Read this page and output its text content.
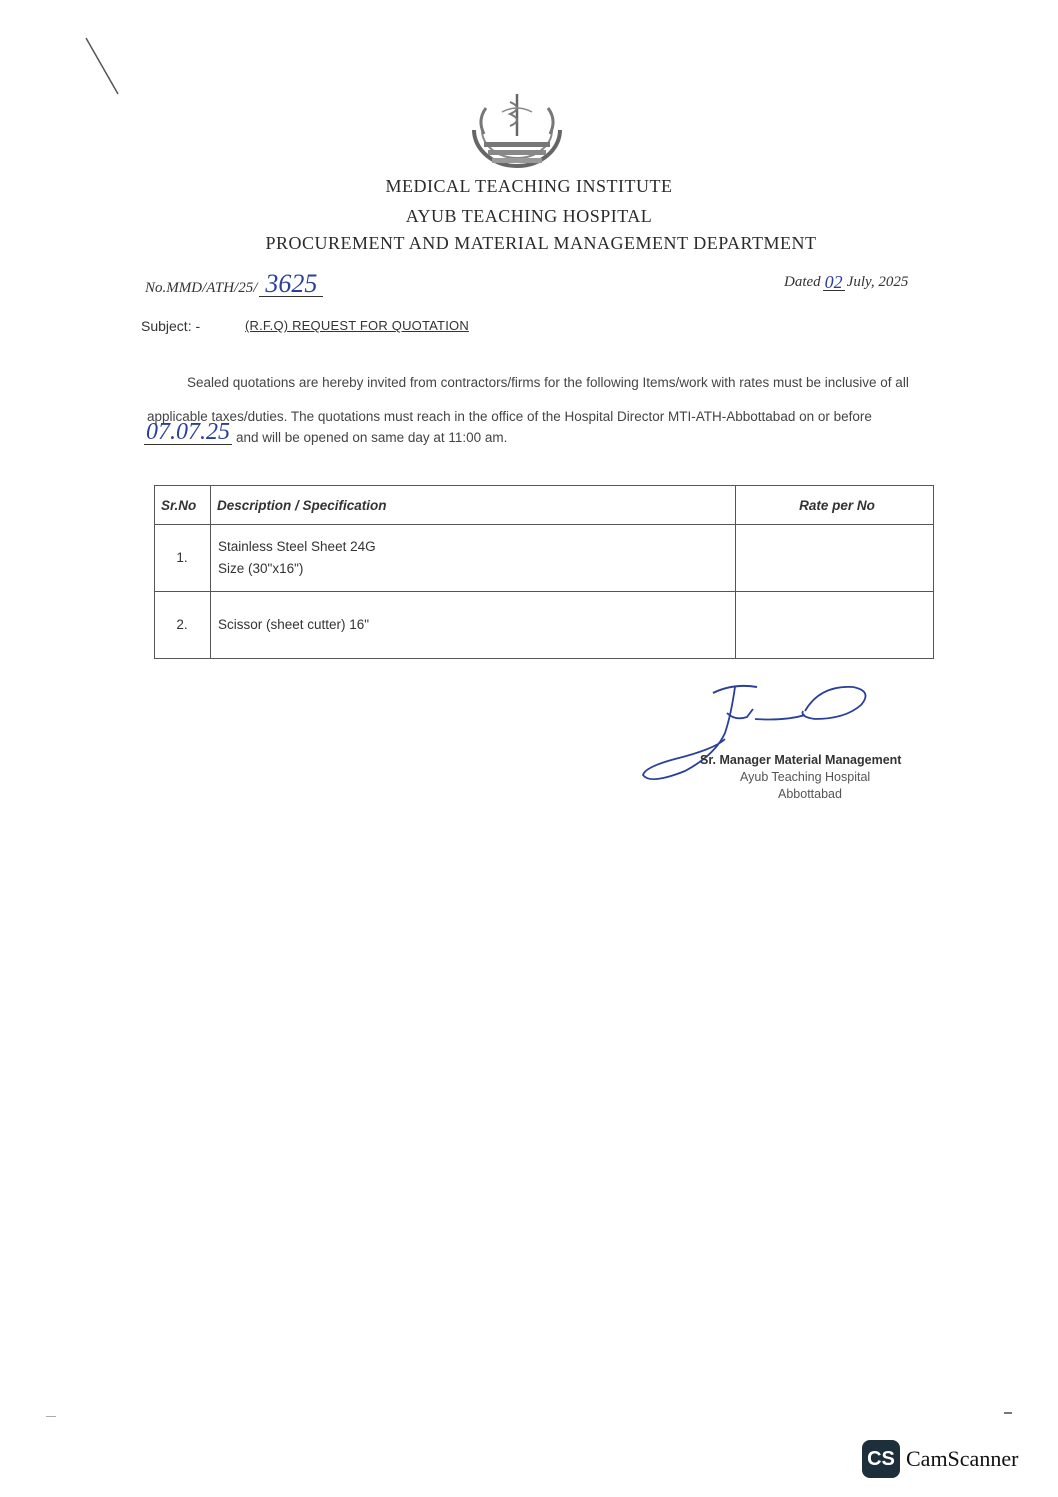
MEDICAL TEACHING INSTITUTE
AYUB TEACHING HOSPITAL
PROCUREMENT AND MATERIAL MANAGEMENT DEPARTMENT
No.MMD/ATH/25/ 3625	Dated 02 July, 2025
Subject: -	(R.F.Q) REQUEST FOR QUOTATION
Sealed quotations are hereby invited from contractors/firms for the following Items/work with rates must be inclusive of all
applicable taxes/duties. The quotations must reach in the office of the Hospital Director MTI-ATH-Abbottabad on or before
07.07.25 and will be opened on same day at 11:00 am.
Sr.No	Description / Specification	Rate per No
1.	Stainless Steel Sheet 24G
Size (30"x16")	

2.	Scissor (sheet cutter) 16"	

Sr. Manager Material Management
Ayub Teaching Hospital
Abbottabad
CS CamScanner
